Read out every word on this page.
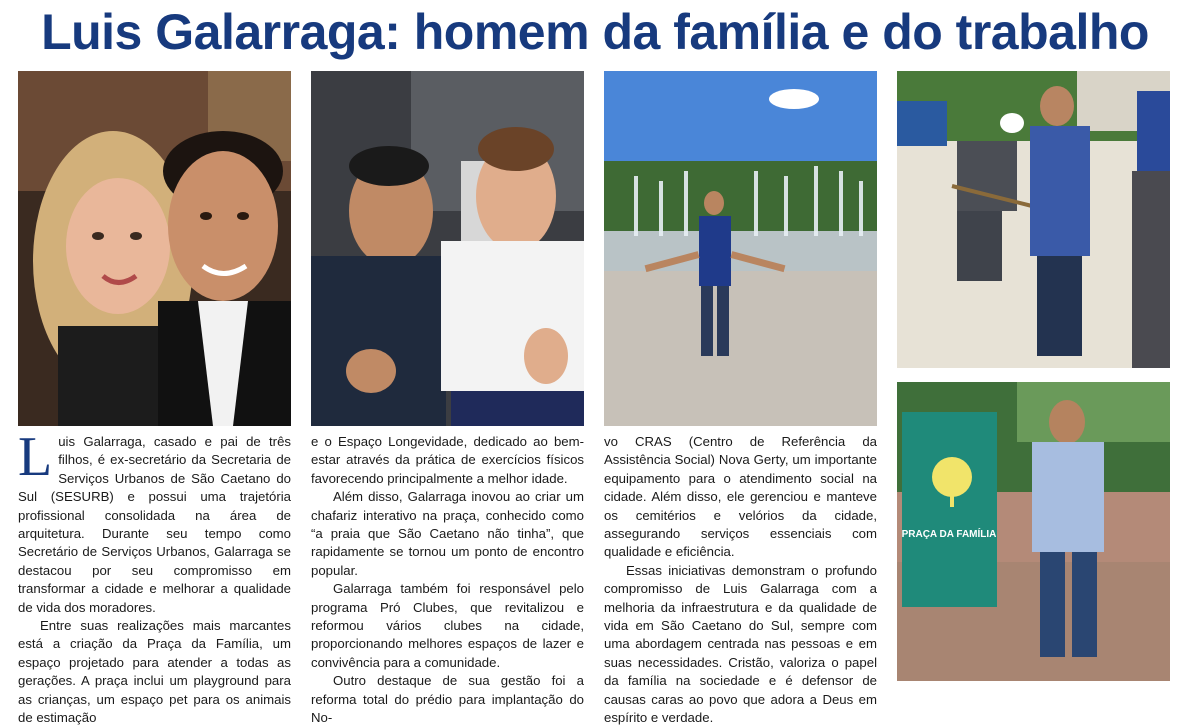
Luis Galarraga: homem da família e do trabalho
PRAÇA DA FAMÍLIA

Luis Galarraga, casado e pai de três filhos, é ex-secretário da Secretaria de Serviços Urbanos de São Caetano do Sul (SESURB) e possui uma trajetória profissional consolidada na área de arquitetura. Durante seu tempo como Secretário de Serviços Urbanos, Galarraga se destacou por seu compromisso em transformar a cidade e melhorar a qualidade de vida dos moradores.

Entre suas realizações mais marcantes está a criação da Praça da Família, um espaço projetado para atender a todas as gerações. A praça inclui um playground para as crianças, um espaço pet para os animais de estimação

e o Espaço Longevidade, dedicado ao bem-estar através da prática de exercícios físicos favorecendo principalmente a melhor idade.

Além disso, Galarraga inovou ao criar um chafariz interativo na praça, conhecido como “a praia que São Caetano não tinha”, que rapidamente se tornou um ponto de encontro popular.

Galarraga também foi responsável pelo programa Pró Clubes, que revitalizou e reformou vários clubes na cidade, proporcionando melhores espaços de lazer e convivência para a comunidade.

Outro destaque de sua gestão foi a reforma total do prédio para implantação do No-

vo CRAS (Centro de Referência da Assistência Social) Nova Gerty, um importante equipamento para o atendimento social na cidade. Além disso, ele gerenciou e manteve os cemitérios e velórios da cidade, assegurando serviços essenciais com qualidade e eficiência.

Essas iniciativas demonstram o profundo compromisso de Luis Galarraga com a melhoria da infraestrutura e da qualidade de vida em São Caetano do Sul, sempre com uma abordagem centrada nas pessoas e em suas necessidades. Cristão, valoriza o papel da família na sociedade e é defensor de causas caras ao povo que adora a Deus em espírito e verdade.
